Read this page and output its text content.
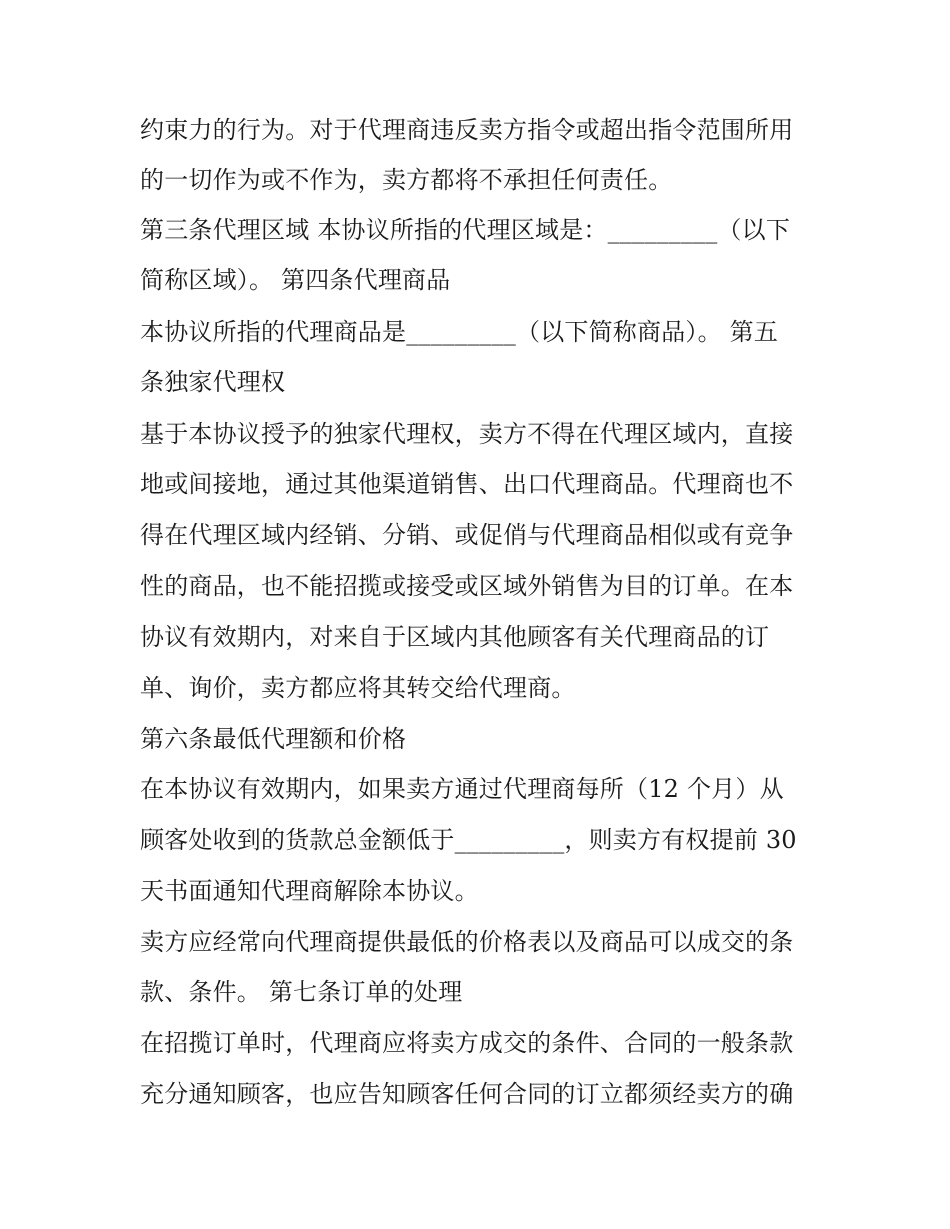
约束力的行为。对于代理商违反卖方指令或超出指令范围所用
的一切作为或不作为，卖方都将不承担任何责任。
第三条代理区域 本协议所指的代理区域是：_________（以下
简称区域）。 第四条代理商品
本协议所指的代理商品是_________（以下简称商品）。 第五
条独家代理权
基于本协议授予的独家代理权，卖方不得在代理区域内，直接
地或间接地，通过其他渠道销售、出口代理商品。代理商也不
得在代理区域内经销、分销、或促俏与代理商品相似或有竞争
性的商品，也不能招揽或接受或区域外销售为目的订单。在本
协议有效期内，对来自于区域内其他顾客有关代理商品的订
单、询价，卖方都应将其转交给代理商。
第六条最低代理额和价格
在本协议有效期内，如果卖方通过代理商每所（12 个月）从
顾客处收到的货款总金额低于_________，则卖方有权提前 30
天书面通知代理商解除本协议。
卖方应经常向代理商提供最低的价格表以及商品可以成交的条
款、条件。 第七条订单的处理
在招揽订单时，代理商应将卖方成交的条件、合同的一般条款
充分通知顾客，也应告知顾客任何合同的订立都须经卖方的确
